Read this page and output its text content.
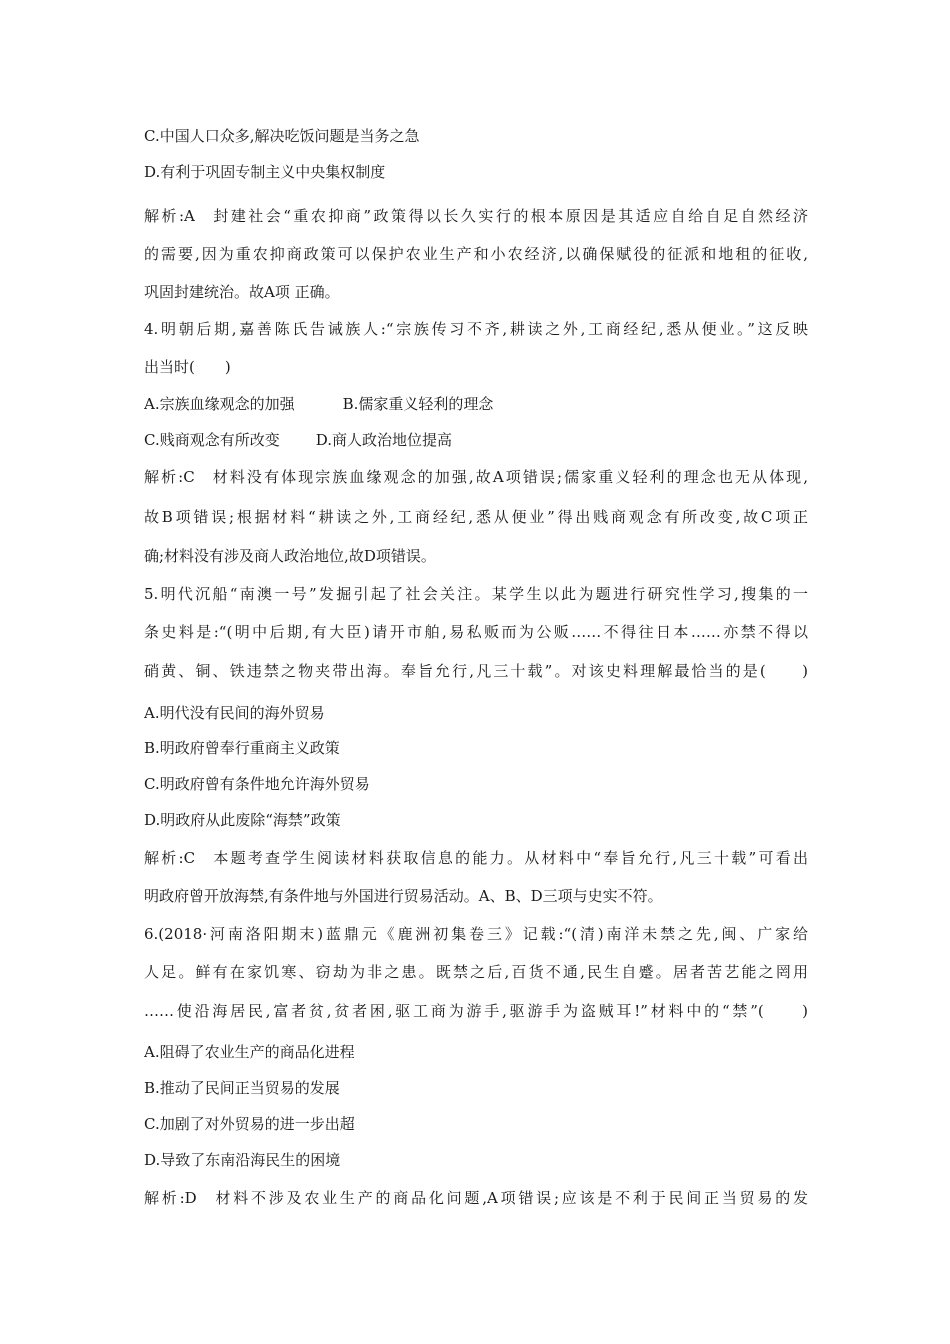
C.中国人口众多,解决吃饭问题是当务之急
D.有利于巩固专制主义中央集权制度
解析:A 封建社会“重农抑商”政策得以长久实行的根本原因是其适应自给自足自然经济
的需要,因为重农抑商政策可以保护农业生产和小农经济,以确保赋役的征派和地租的征收,
巩固封建统治。故A项 正确。
4.明朝后期,嘉善陈氏告诫族人:“宗族传习不齐,耕读之外,工商经纪,悉从便业。”这反映
出当时(　　)
A.宗族血缘观念的加强	B.儒家重义轻利的理念
C.贱商观念有所改变 D.商人政治地位提高
解析:C 材料没有体现宗族血缘观念的加强,故A项错误;儒家重义轻利的理念也无从体现,
故B项错误;根据材料“耕读之外,工商经纪,悉从便业”得出贱商观念有所改变,故C项正
确;材料没有涉及商人政治地位,故D项错误。
5.明代沉船“南澳一号”发掘引起了社会关注。某学生以此为题进行研究性学习,搜集的一
条史料是:“(明中后期,有大臣)请开市舶,易私贩而为公贩……不得往日本……亦禁不得以
硝黄、铜、铁违禁之物夹带出海。奉旨允行,凡三十载”。对该史料理解最恰当的是(　　)
A.明代没有民间的海外贸易
B.明政府曾奉行重商主义政策
C.明政府曾有条件地允许海外贸易
D.明政府从此废除“海禁”政策
解析:C 本题考查学生阅读材料获取信息的能力。从材料中“奉旨允行,凡三十载”可看出
明政府曾开放海禁,有条件地与外国进行贸易活动。A、B、D三项与史实不符。
6.(2018·河南洛阳期末)蓝鼎元《鹿洲初集卷三》记载:“(清)南洋未禁之先,闽、广家给
人足。鲜有在家饥寒、窃劫为非之患。既禁之后,百货不通,民生自蹙。居者苦艺能之罔用
……使沿海居民,富者贫,贫者困,驱工商为游手,驱游手为盗贼耳!”材料中的“禁”(　　)
A.阻碍了农业生产的商品化进程
B.推动了民间正当贸易的发展
C.加剧了对外贸易的进一步出超
D.导致了东南沿海民生的困境
解析:D 材料不涉及农业生产的商品化问题,A项错误;应该是不利于民间正当贸易的发
